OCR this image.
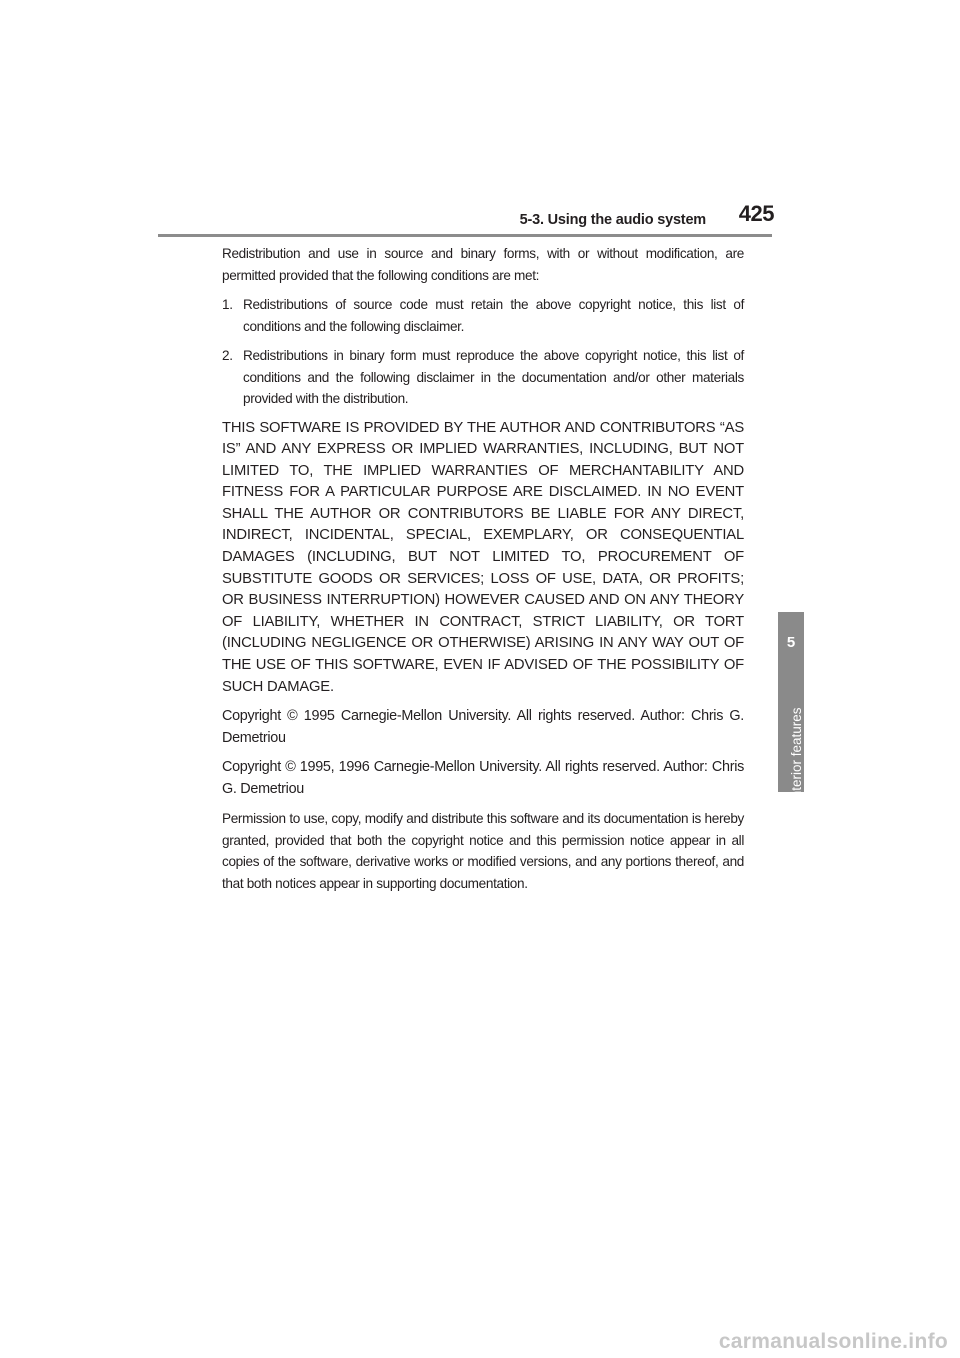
5-3. Using the audio system 425
5
Interior features

Redistribution and use in source and binary forms, with or without modification, are permitted provided that the following conditions are met:

1. Redistributions of source code must retain the above copyright notice, this list of conditions and the following disclaimer.
2. Redistributions in binary form must reproduce the above copyright notice, this list of conditions and the following disclaimer in the documentation and/or other materials provided with the distribution.

THIS SOFTWARE IS PROVIDED BY THE AUTHOR AND CONTRIBUTORS “AS IS” AND ANY EXPRESS OR IMPLIED WARRANTIES, INCLUDING, BUT NOT LIMITED TO, THE IMPLIED WARRANTIES OF MERCHANTABILITY AND FITNESS FOR A PARTICULAR PURPOSE ARE DISCLAIMED. IN NO EVENT SHALL THE AUTHOR OR CONTRIBUTORS BE LIABLE FOR ANY DIRECT, INDIRECT, INCIDENTAL, SPECIAL, EXEMPLARY, OR CONSEQUENTIAL DAMAGES (INCLUDING, BUT NOT LIMITED TO, PROCUREMENT OF SUBSTITUTE GOODS OR SERVICES; LOSS OF USE, DATA, OR PROFITS; OR BUSINESS INTERRUPTION) HOWEVER CAUSED AND ON ANY THEORY OF LIABILITY, WHETHER IN CONTRACT, STRICT LIABILITY, OR TORT (INCLUDING NEGLIGENCE OR OTHERWISE) ARISING IN ANY WAY OUT OF THE USE OF THIS SOFTWARE, EVEN IF ADVISED OF THE POSSIBILITY OF SUCH DAMAGE.

Copyright © 1995 Carnegie-Mellon University. All rights reserved. Author: Chris G. Demetriou

Copyright © 1995, 1996 Carnegie-Mellon University. All rights reserved. Author: Chris G. Demetriou

Permission to use, copy, modify and distribute this software and its documentation is hereby granted, provided that both the copyright notice and this permission notice appear in all copies of the software, derivative works or modified versions, and any portions thereof, and that both notices appear in supporting documentation.

carmanualsonline.info
